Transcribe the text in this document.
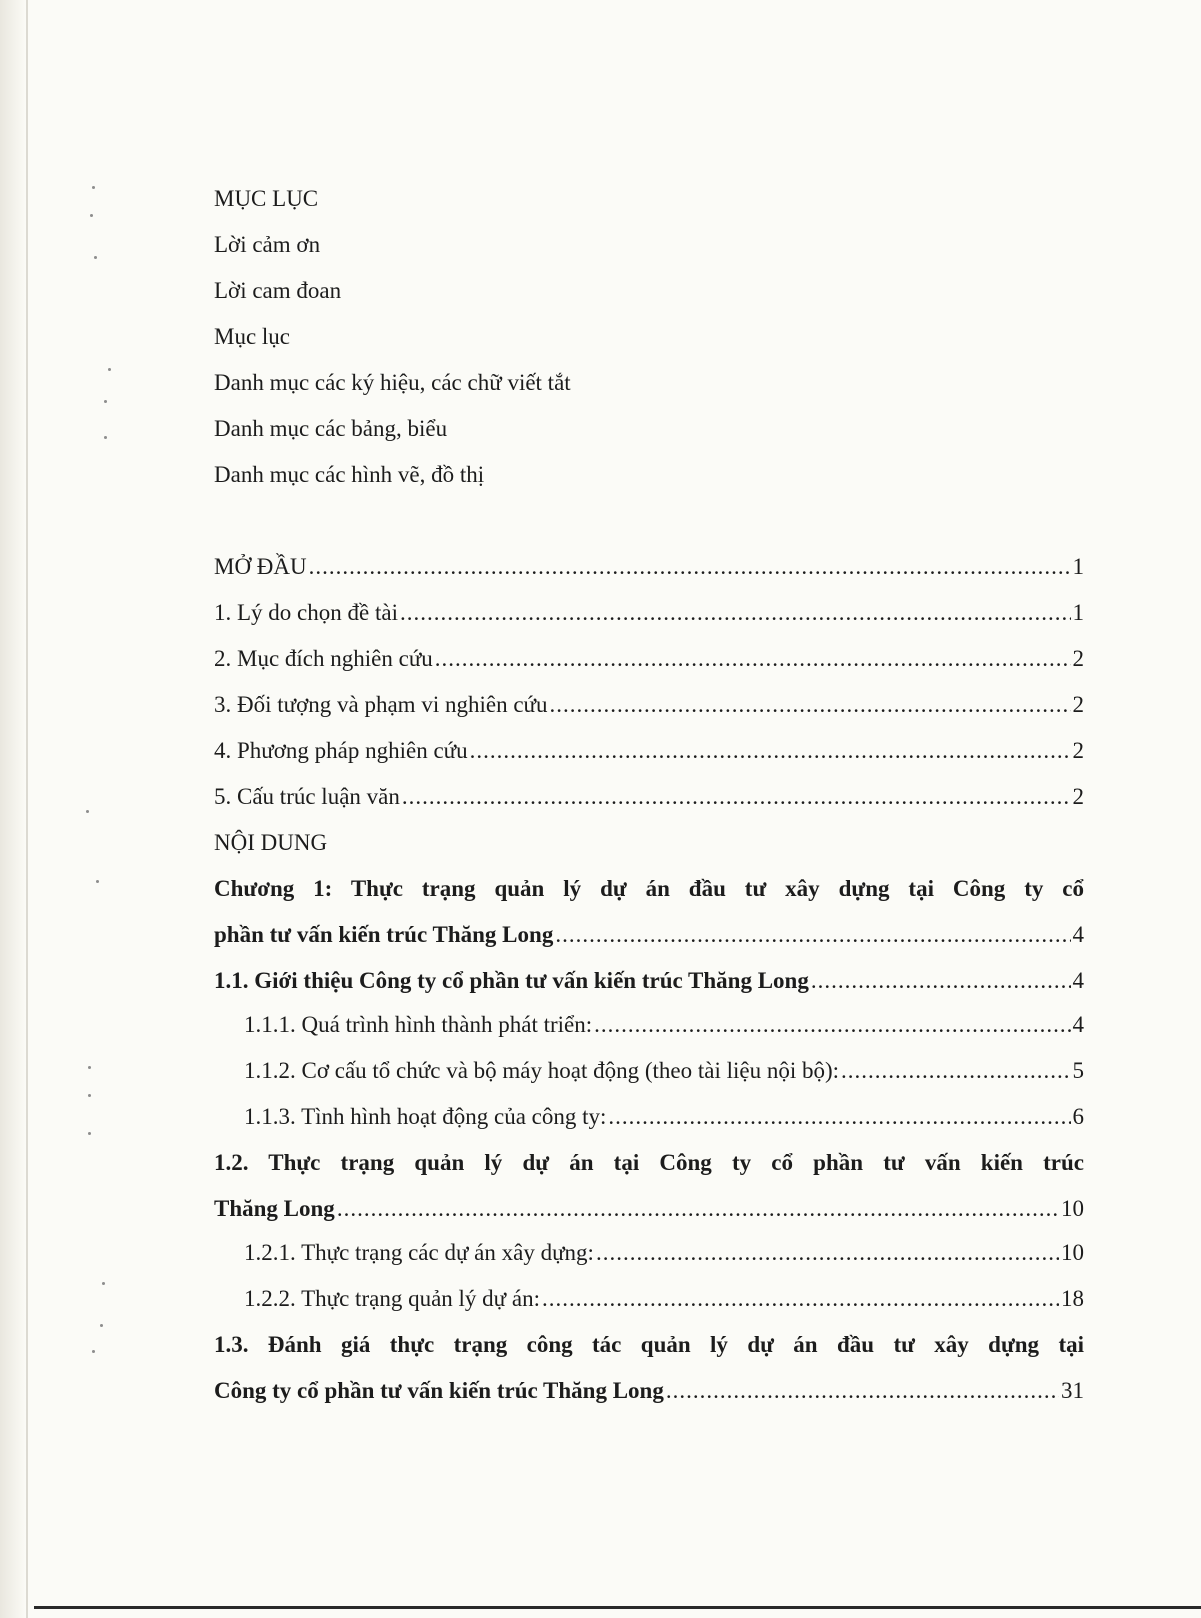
MỤC LỤC
Lời cảm ơn
Lời cam đoan
Mục lục
Danh mục các ký hiệu, các chữ viết tắt
Danh mục các bảng, biểu
Danh mục các hình vẽ, đồ thị
MỞ ĐẦU .....	1
1. Lý do chọn đề tài .....	1
2. Mục đích nghiên cứu .....	2
3. Đối tượng và phạm vi nghiên cứu .....	2
4. Phương pháp nghiên cứu .....	2
5. Cấu trúc luận văn .....	2
NỘI DUNG
Chương 1: Thực trạng quản lý dự án đầu tư xây dựng tại Công ty cổ
phần tư vấn kiến trúc Thăng Long .....	4
1.1. Giới thiệu Công ty cổ phần tư vấn kiến trúc Thăng Long .....	4
1.1.1. Quá trình hình thành phát triển: .....	4
1.1.2. Cơ cấu tổ chức và bộ máy hoạt động (theo tài liệu nội bộ): .....	5
1.1.3. Tình hình hoạt động của công ty: .....	6
1.2. Thực trạng quản lý dự án tại Công ty cổ phần tư vấn kiến trúc
Thăng Long .....	10
1.2.1. Thực trạng các dự án xây dựng: .....	10
1.2.2. Thực trạng quản lý dự án: .....	18
1.3. Đánh giá thực trạng công tác quản lý dự án đầu tư xây dựng tại
Công ty cổ phần tư vấn kiến trúc Thăng Long .....	31
